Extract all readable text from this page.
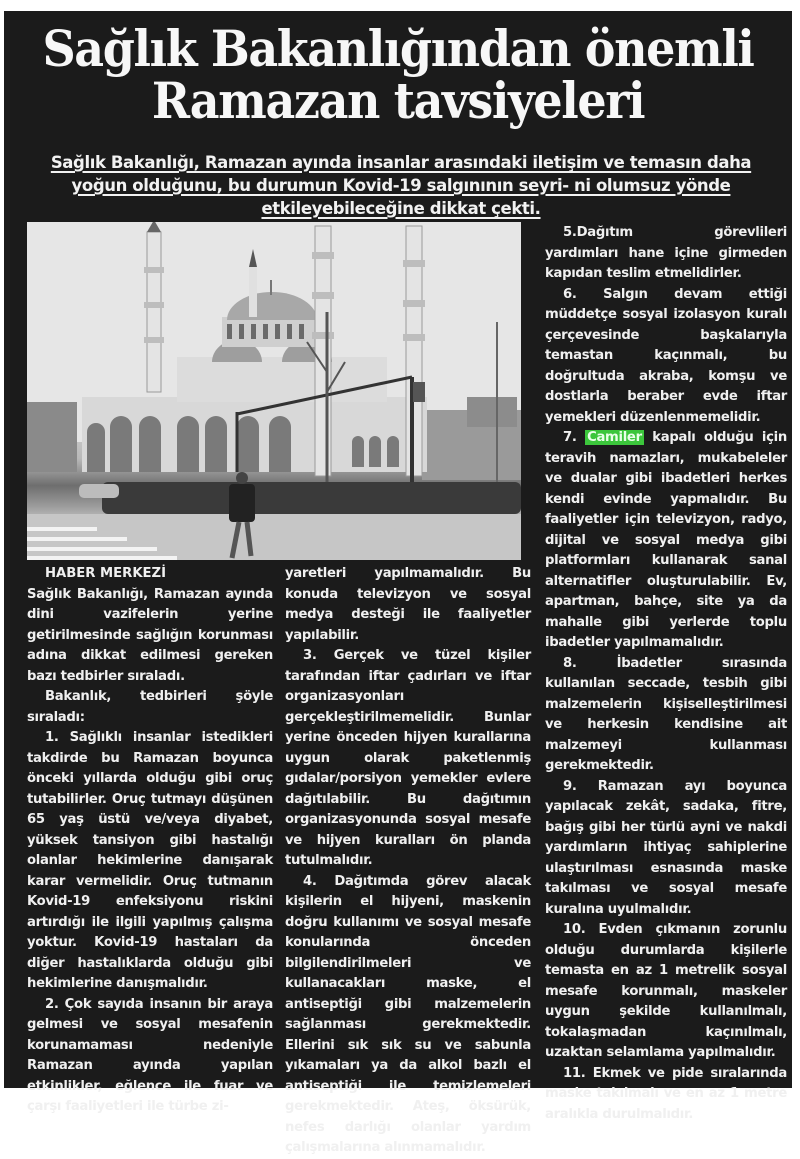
Sağlık Bakanlığından önemli
Ramazan tavsiyeleri
Sağlık Bakanlığı, Ramazan ayında insanlar arasındaki iletişim ve temasın daha yoğun olduğunu, bu durumun Kovid-19 salgınının seyri- ni olumsuz yönde etkileyebileceğine dikkat çekti.

HABER MERKEZİ

Sağlık Bakanlığı, Ramazan ayında dini vazifelerin yerine getirilmesinde sağlığın korunması adına dikkat edilmesi gereken bazı tedbirler sıraladı.

Bakanlık, tedbirleri şöyle sıraladı:

1. Sağlıklı insanlar istedikleri takdirde bu Ramazan boyunca önceki yıllarda olduğu gibi oruç tutabilirler. Oruç tutmayı düşünen 65 yaş üstü ve/veya diyabet, yüksek tansiyon gibi hastalığı olanlar hekimlerine danışarak karar vermelidir. Oruç tutmanın Kovid-19 enfeksiyonu riskini artırdığı ile ilgili yapılmış çalışma yoktur. Kovid-19 hastaları da diğer hastalıklarda olduğu gibi hekimlerine danışmalıdır.

2. Çok sayıda insanın bir araya gelmesi ve sosyal mesafenin korunamaması nedeniyle Ramazan ayında yapılan etkinlikler, eğlence ile fuar ve çarşı faaliyetleri ile türbe zi-

yaretleri yapılmamalıdır. Bu konuda televizyon ve sosyal medya desteği ile faaliyetler yapılabilir.

3. Gerçek ve tüzel kişiler tarafından iftar çadırları ve iftar organizasyonları gerçekleştirilmemelidir. Bunlar yerine önceden hijyen kurallarına uygun olarak paketlenmiş gıdalar/porsiyon yemekler evlere dağıtılabilir. Bu dağıtımın organizasyonunda sosyal mesafe ve hijyen kuralları ön planda tutulmalıdır.

4. Dağıtımda görev alacak kişilerin el hijyeni, maskenin doğru kullanımı ve sosyal mesafe konularında önceden bilgilendirilmeleri ve kullanacakları maske, el antiseptiği gibi malzemelerin sağlanması gerekmektedir. Ellerini sık sık su ve sabunla yıkamaları ya da alkol bazlı el antiseptiği ile temizlemeleri gerekmektedir. Ateş, öksürük, nefes darlığı olanlar yardım çalışmalarına alınmamalıdır.

5.Dağıtım görevlileri yardımları hane içine girmeden kapıdan teslim etmelidirler.

6. Salgın devam ettiği müddetçe sosyal izolasyon kuralı çerçevesinde başkalarıyla temastan kaçınmalı, bu doğrultuda akraba, komşu ve dostlarla beraber evde iftar yemekleri düzenlenmemelidir.

7. Camiler kapalı olduğu için teravih namazları, mukabeleler ve dualar gibi ibadetleri herkes kendi evinde yapmalıdır. Bu faaliyetler için televizyon, radyo, dijital ve sosyal medya gibi platformları kullanarak sanal alternatifler oluşturulabilir. Ev, apartman, bahçe, site ya da mahalle gibi yerlerde toplu ibadetler yapılmamalıdır.

8. İbadetler sırasında kullanılan seccade, tesbih gibi malzemelerin kişiselleştirilmesi ve herkesin kendisine ait malzemeyi kullanması gerekmektedir.

9. Ramazan ayı boyunca yapılacak zekât, sadaka, fitre, bağış gibi her türlü ayni ve nakdi yardımların ihtiyaç sahiplerine ulaştırılması esnasında maske takılması ve sosyal mesafe kuralına uyulmalıdır.

10. Evden çıkmanın zorunlu olduğu durumlarda kişilerle temasta en az 1 metrelik sosyal mesafe korunmalı, maskeler uygun şekilde kullanılmalı, tokalaşmadan kaçınılmalı, uzaktan selamlama yapılmalıdır.

11. Ekmek ve pide sıralarında maske takılmalı ve en az 1 metre aralıkla durulmalıdır.
